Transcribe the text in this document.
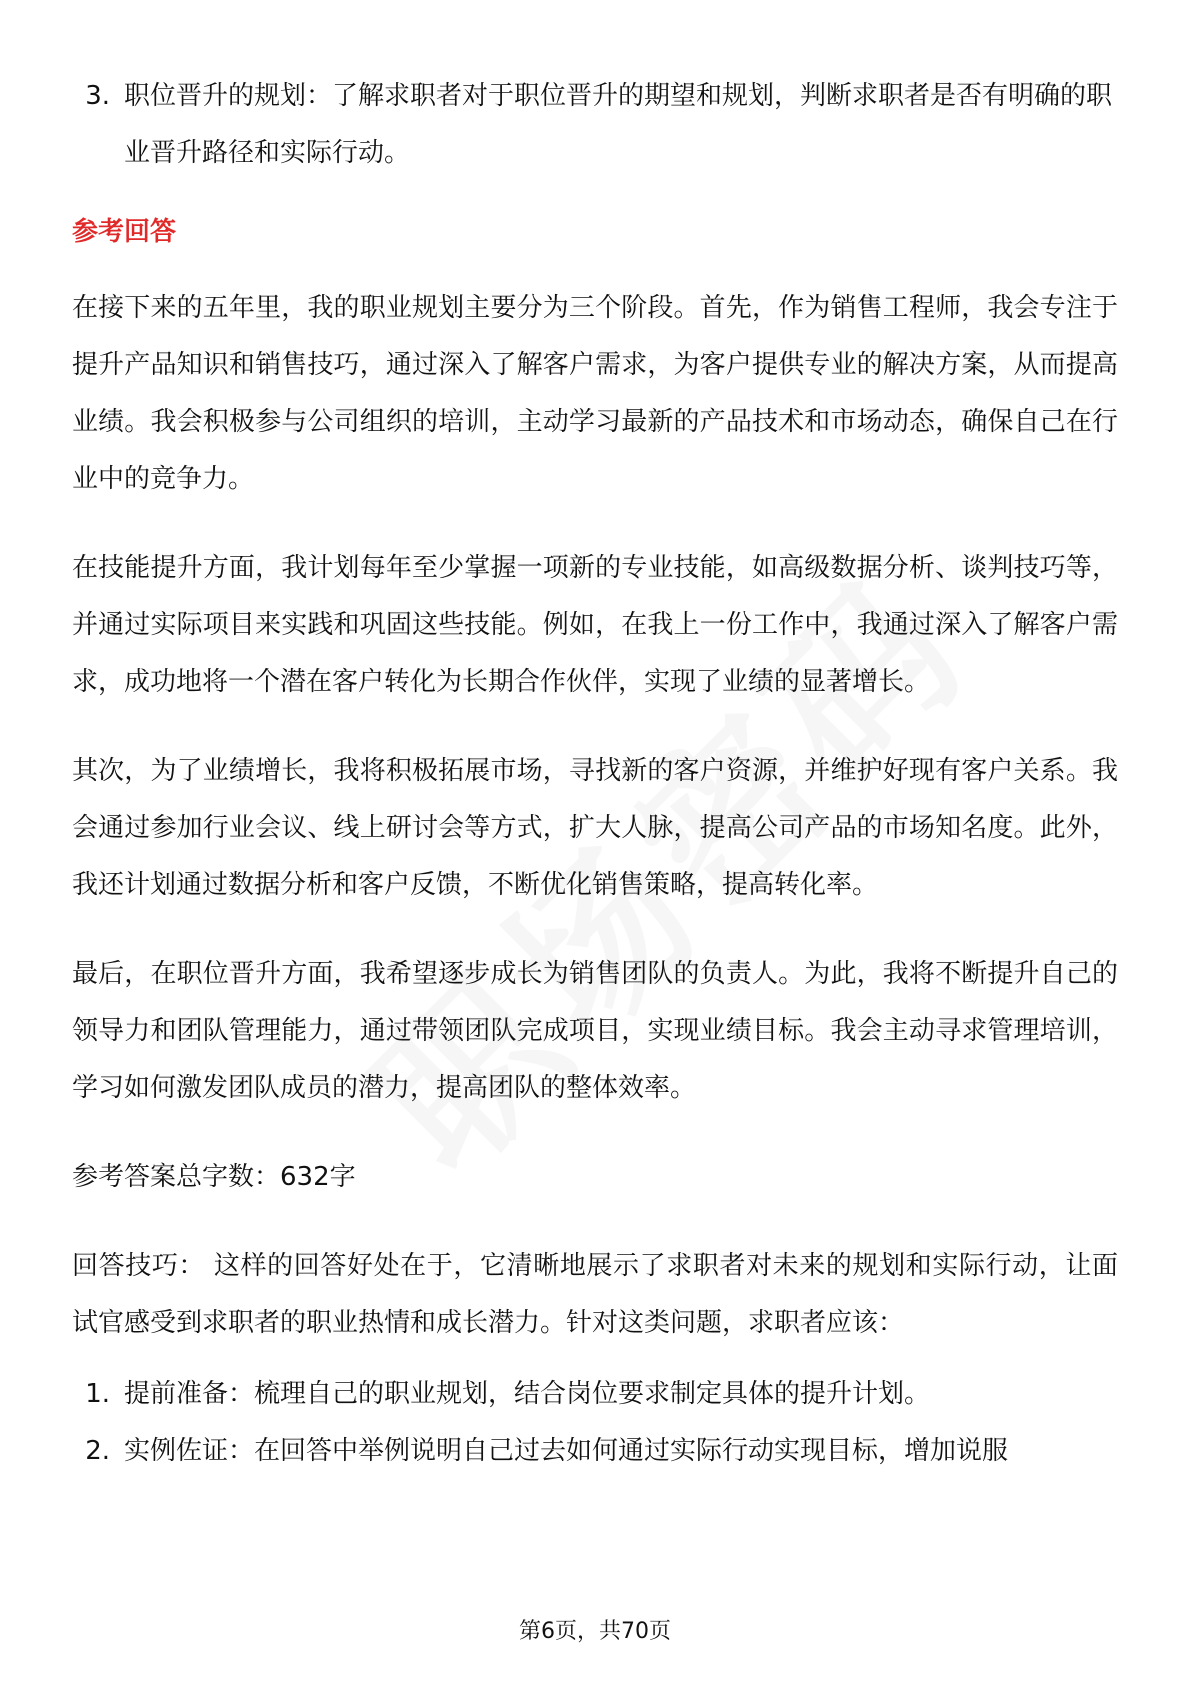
3. 职位晋升的规划：了解求职者对于职位晋升的期望和规划，判断求职者是否有明确的职业晋升路径和实际行动。
参考回答

在接下来的五年里，我的职业规划主要分为三个阶段。首先，作为销售工程师，我会专注于提升产品知识和销售技巧，通过深入了解客户需求，为客户提供专业的解决方案，从而提高业绩。我会积极参与公司组织的培训，主动学习最新的产品技术和市场动态，确保自己在行业中的竞争力。

在技能提升方面，我计划每年至少掌握一项新的专业技能，如高级数据分析、谈判技巧等，并通过实际项目来实践和巩固这些技能。例如，在我上一份工作中，我通过深入了解客户需求，成功地将一个潜在客户转化为长期合作伙伴，实现了业绩的显著增长。

其次，为了业绩增长，我将积极拓展市场，寻找新的客户资源，并维护好现有客户关系。我会通过参加行业会议、线上研讨会等方式，扩大人脉，提高公司产品的市场知名度。此外，我还计划通过数据分析和客户反馈，不断优化销售策略，提高转化率。

最后，在职位晋升方面，我希望逐步成长为销售团队的负责人。为此，我将不断提升自己的领导力和团队管理能力，通过带领团队完成项目，实现业绩目标。我会主动寻求管理培训，学习如何激发团队成员的潜力，提高团队的整体效率。

参考答案总字数：632字

回答技巧： 这样的回答好处在于，它清晰地展示了求职者对未来的规划和实际行动，让面试官感受到求职者的职业热情和成长潜力。针对这类问题，求职者应该：

1. 提前准备：梳理自己的职业规划，结合岗位要求制定具体的提升计划。
2. 实例佐证：在回答中举例说明自己过去如何通过实际行动实现目标，增加说服
第6页，共70页
